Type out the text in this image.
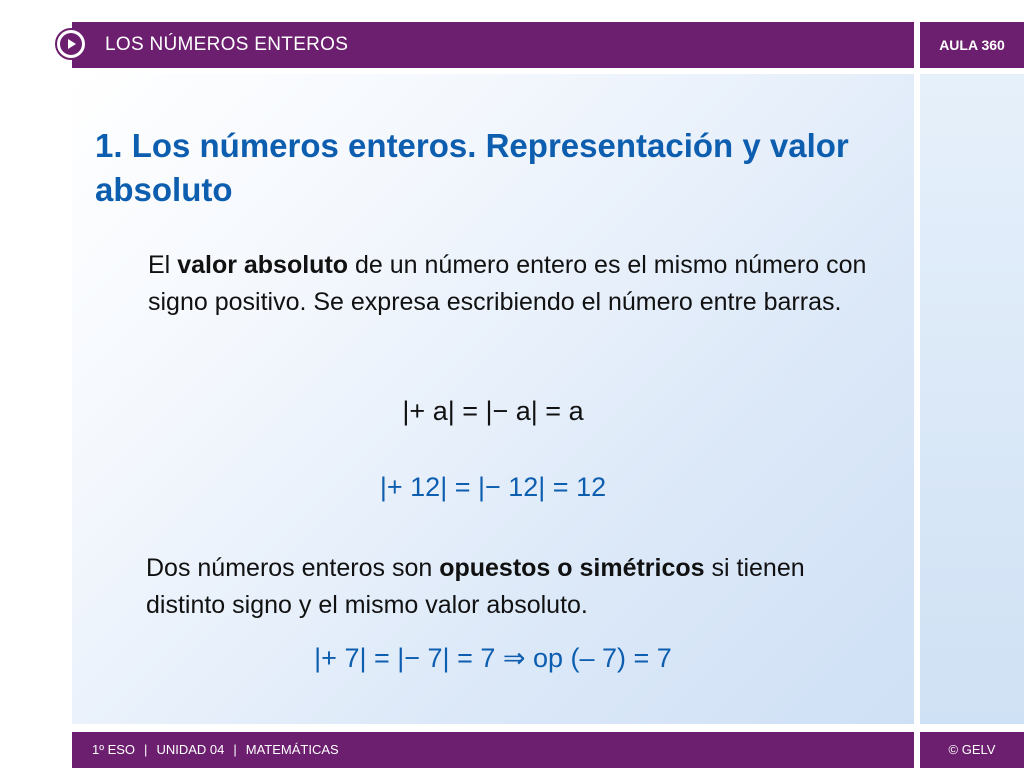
LOS NÚMEROS ENTEROS	AULA 360
1. Los números enteros. Representación y valor absoluto

El valor absoluto de un número entero es el mismo número con signo positivo. Se expresa escribiendo el número entre barras.

|+ a| = |− a| = a

|+ 12| = |− 12| = 12

Dos números enteros son opuestos o simétricos si tienen distinto signo y el mismo valor absoluto.

|+ 7| = |− 7| = 7 ⇒ op (– 7) = 7

1º ESO | UNIDAD 04 | MATEMÁTICAS	© GELV
